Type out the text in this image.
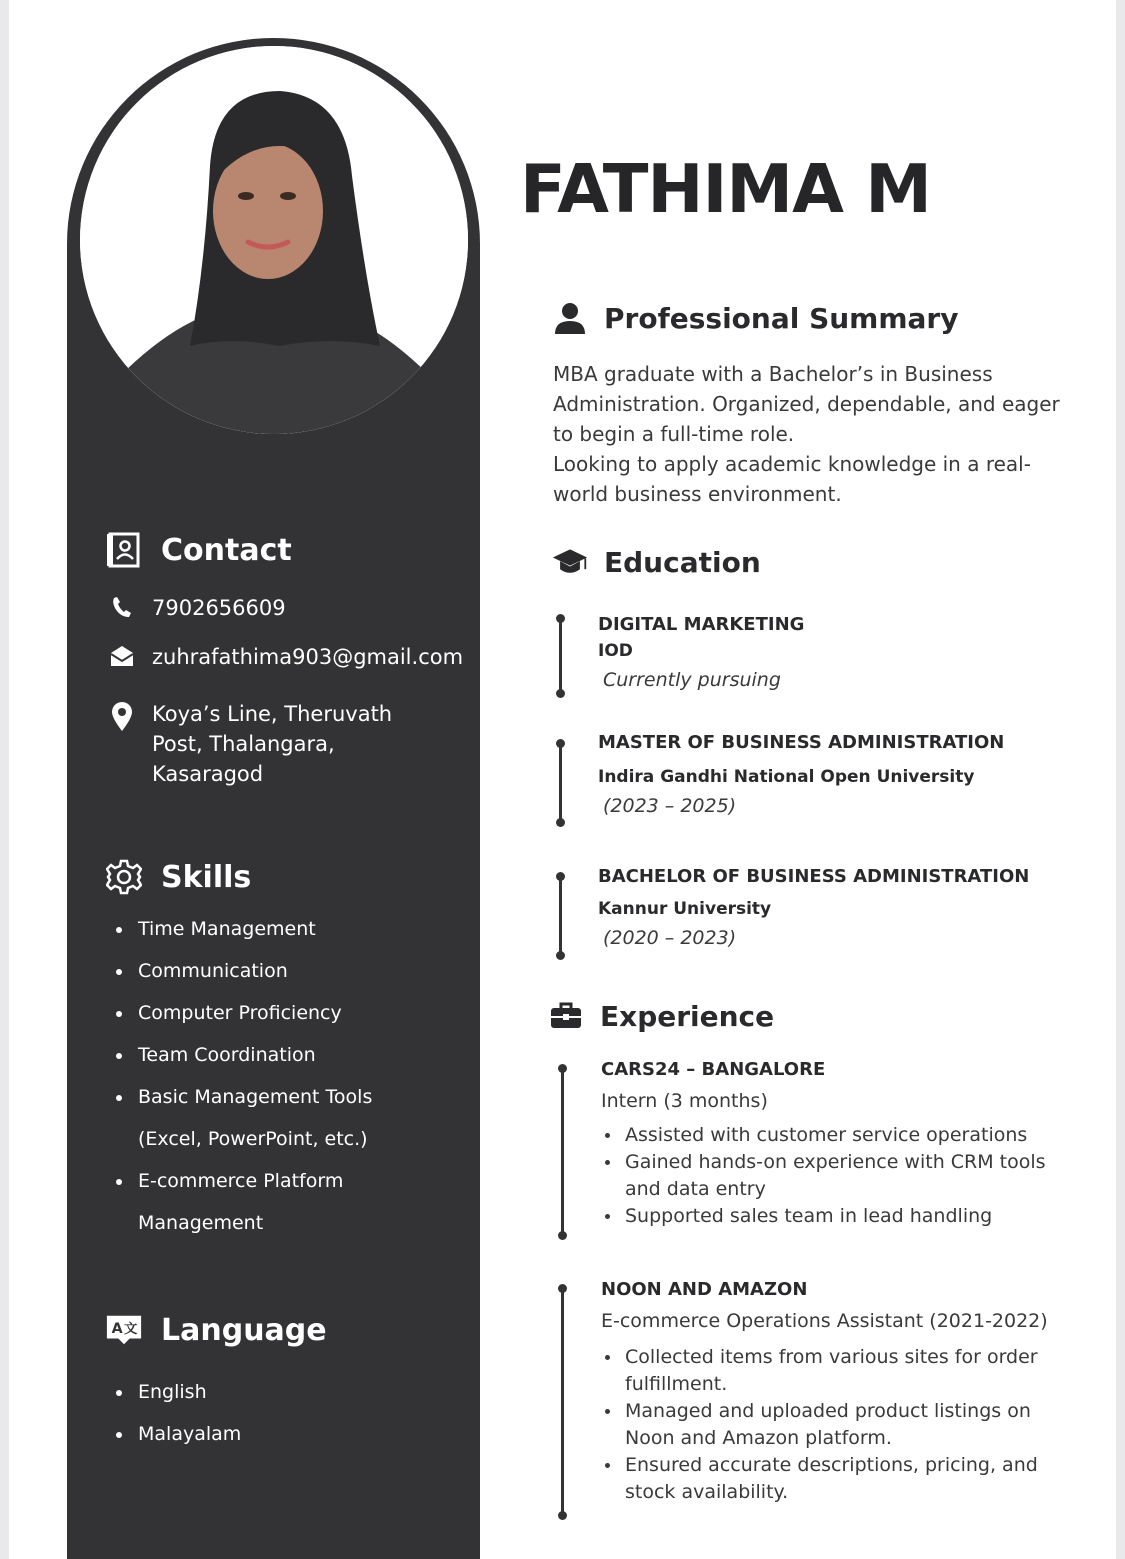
Contact
7902656609
zuhrafathima903@gmail.com
Koya’s Line, Theruvath
Post, Thalangara,
Kasaragod
Skills
Time Management
Communication
Computer Proficiency
Team Coordination
Basic Management Tools
(Excel, PowerPoint, etc.)
E-commerce Platform
Management
A 文 Language
English
Malayalam
FATHIMA M
Professional Summary
MBA graduate with a Bachelor’s in Business Administration. Organized, dependable, and eager to begin a full-time role.
Looking to apply academic knowledge in a real-world business environment.
Education
DIGITAL MARKETING
IOD
Currently pursuing
MASTER OF BUSINESS ADMINISTRATION
Indira Gandhi National Open University
(2023 – 2025)
BACHELOR OF BUSINESS ADMINISTRATION
Kannur University
(2020 – 2023)
Experience
CARS24 – BANGALORE
Intern (3 months)
Assisted with customer service operations
Gained hands-on experience with CRM tools and data entry
Supported sales team in lead handling
NOON AND AMAZON
E-commerce Operations Assistant (2021-2022)
Collected items from various sites for order fulfillment.
Managed and uploaded product listings on Noon and Amazon platform.
Ensured accurate descriptions, pricing, and stock availability.
